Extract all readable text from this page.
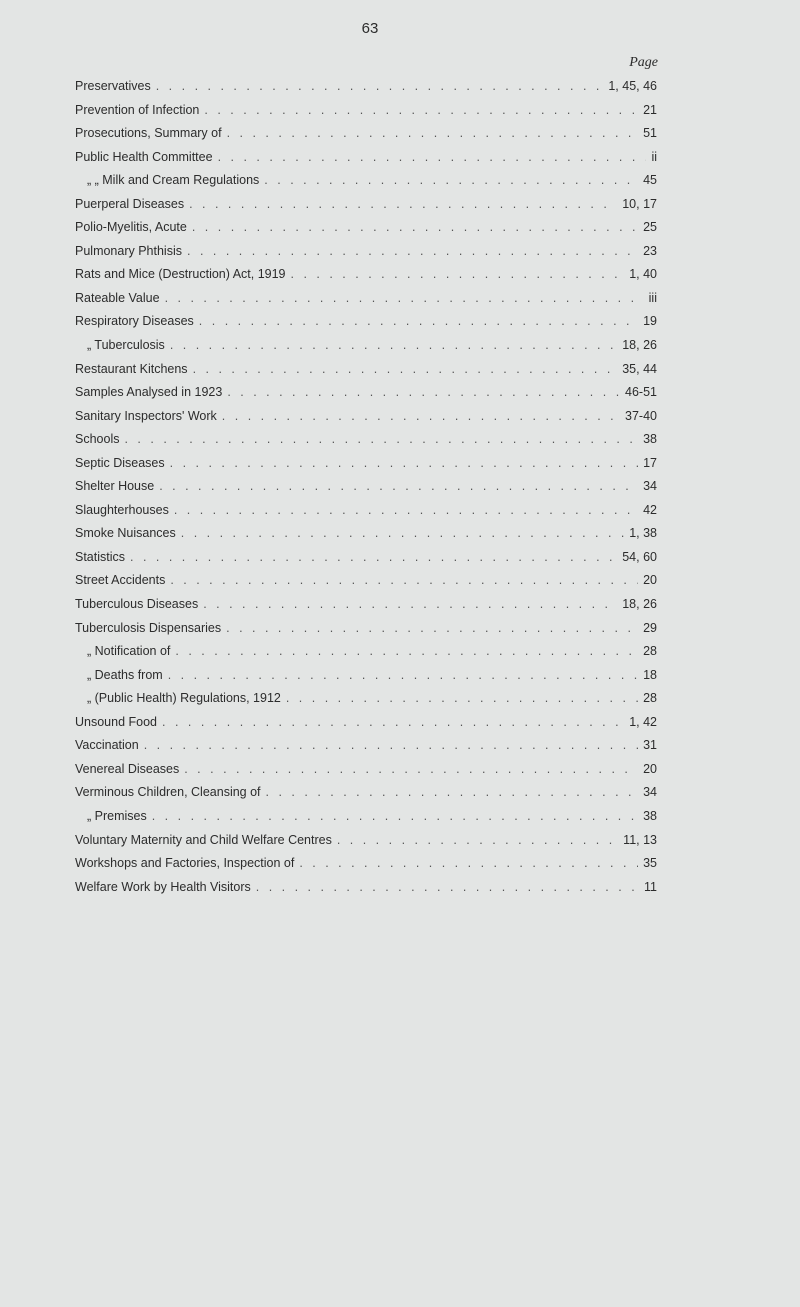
63
Page
Preservatives . . .	1, 45, 46
Prevention of Infection . . .	21
Prosecutions, Summary of . . .	51
Public Health Committee . . .	ii
„ „ Milk and Cream Regulations . . .	45
Puerperal Diseases . . .	10, 17
Polio-Myelitis, Acute . . .	25
Pulmonary Phthisis . . .	23
Rats and Mice (Destruction) Act, 1919 . . .	1, 40
Rateable Value . . .	iii
Respiratory Diseases . . .	19
„ Tuberculosis . . .	18, 26
Restaurant Kitchens . . .	35, 44
Samples Analysed in 1923 . . .	46-51
Sanitary Inspectors' Work . . .	37-40
Schools . . .	38
Septic Diseases . . .	17
Shelter House . . .	34
Slaughterhouses . . .	42
Smoke Nuisances . . .	1, 38
Statistics . . .	54, 60
Street Accidents . . .	20
Tuberculous Diseases . . .	18, 26
Tuberculosis Dispensaries . . .	29
„ Notification of . . .	28
„ Deaths from . . .	18
„ (Public Health) Regulations, 1912 . . .	28
Unsound Food . . .	1, 42
Vaccination . . .	31
Venereal Diseases . . .	20
Verminous Children, Cleansing of . . .	34
„ Premises . . .	38
Voluntary Maternity and Child Welfare Centres . . .	11, 13
Workshops and Factories, Inspection of . . .	35
Welfare Work by Health Visitors . . .	11
